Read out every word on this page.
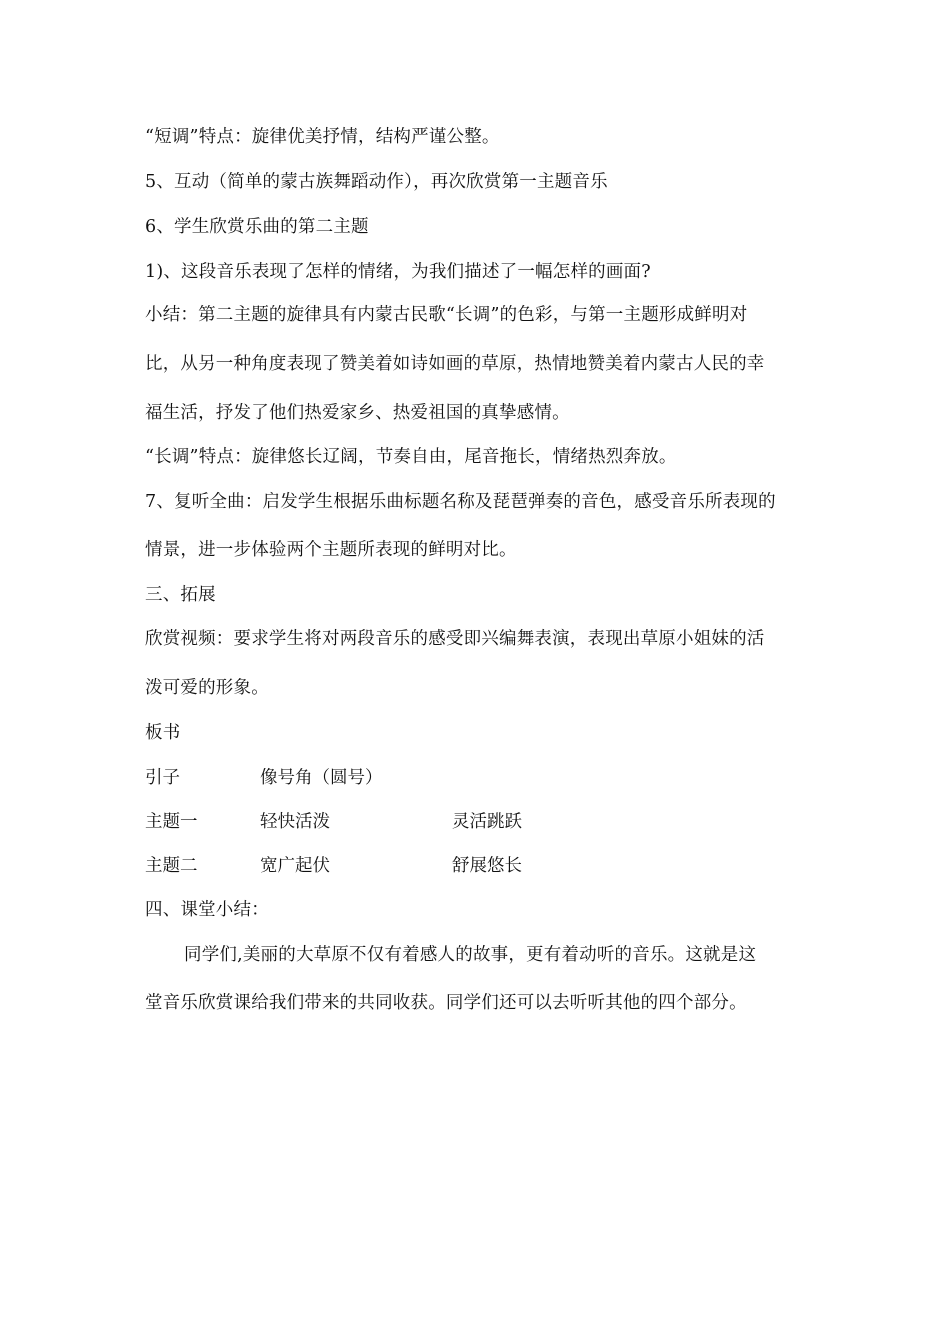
“短调”特点：旋律优美抒情，结构严谨公整。
5、互动（简单的蒙古族舞蹈动作），再次欣赏第一主题音乐
6、学生欣赏乐曲的第二主题
1)、这段音乐表现了怎样的情绪，为我们描述了一幅怎样的画面?
小结：第二主题的旋律具有内蒙古民歌“长调”的色彩，与第一主题形成鲜明对
比，从另一种角度表现了赞美着如诗如画的草原，热情地赞美着内蒙古人民的幸
福生活，抒发了他们热爱家乡、热爱祖国的真挚感情。
“长调”特点：旋律悠长辽阔，节奏自由，尾音拖长，情绪热烈奔放。
7、复听全曲：启发学生根据乐曲标题名称及琵琶弹奏的音色，感受音乐所表现的
情景，进一步体验两个主题所表现的鲜明对比。
三、拓展
欣赏视频：要求学生将对两段音乐的感受即兴编舞表演，表现出草原小姐妹的活
泼可爱的形象。
板书
引子	像号角（圆号）
主题一	轻快活泼	灵活跳跃
主题二	宽广起伏	舒展悠长
四、课堂小结：
同学们,美丽的大草原不仅有着感人的故事，更有着动听的音乐。这就是这
堂音乐欣赏课给我们带来的共同收获。同学们还可以去听听其他的四个部分。
